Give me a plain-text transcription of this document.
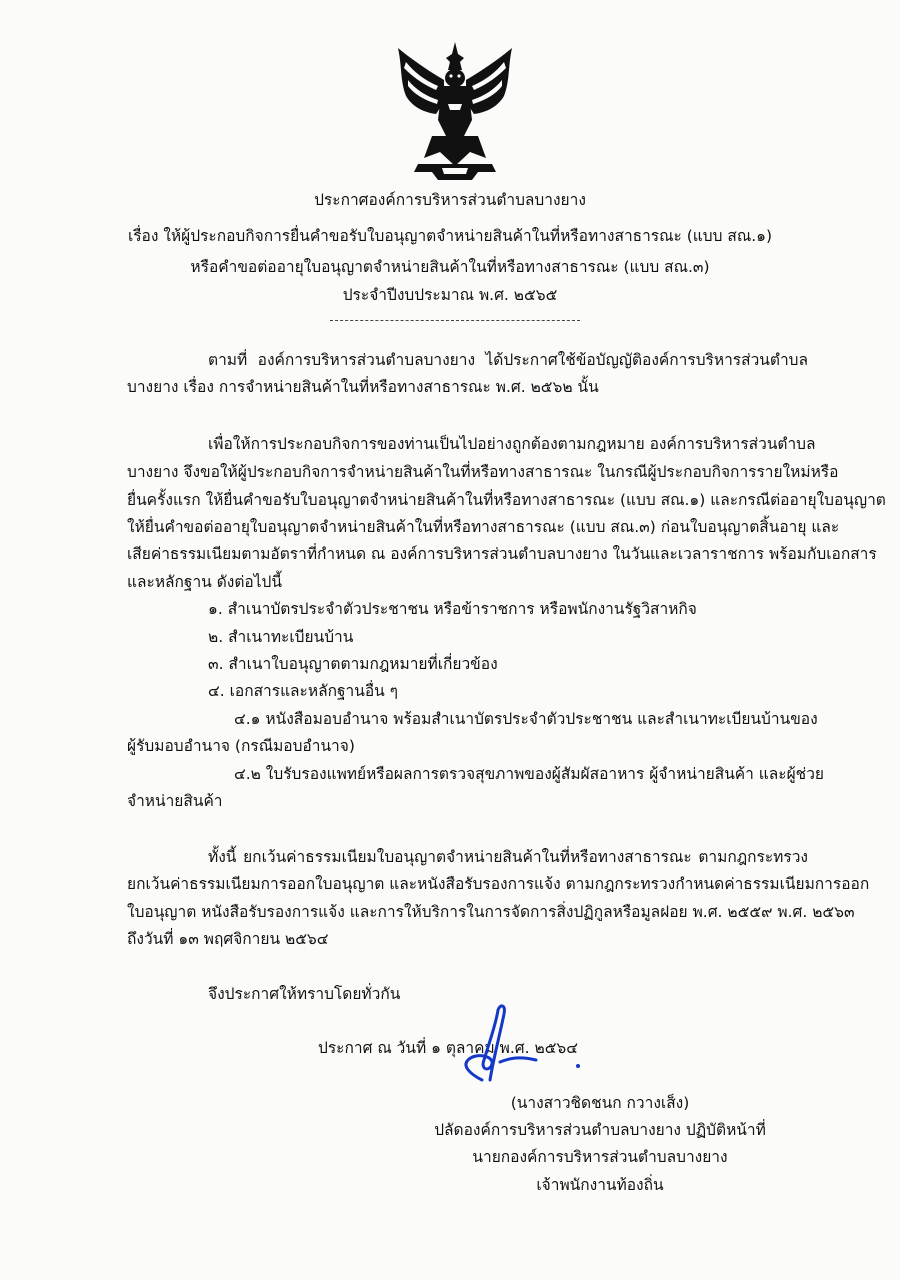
ประกาศองค์การบริหารส่วนตำบลบางยาง
เรื่อง ให้ผู้ประกอบกิจการยื่นคำขอรับใบอนุญาตจำหน่ายสินค้าในที่หรือทางสาธารณะ (แบบ สณ.๑)
หรือคำขอต่ออายุใบอนุญาตจำหน่ายสินค้าในที่หรือทางสาธารณะ (แบบ สณ.๓)
ประจำปีงบประมาณ พ.ศ. ๒๕๖๕
ตามที่ องค์การบริหารส่วนตำบลบางยาง ได้ประกาศใช้ข้อบัญญัติองค์การบริหารส่วนตำบล
บางยาง เรื่อง การจำหน่ายสินค้าในที่หรือทางสาธารณะ พ.ศ. ๒๕๖๒ นั้น
เพื่อให้การประกอบกิจการของท่านเป็นไปอย่างถูกต้องตามกฎหมาย องค์การบริหารส่วนตำบล
บางยาง จึงขอให้ผู้ประกอบกิจการจำหน่ายสินค้าในที่หรือทางสาธารณะ ในกรณีผู้ประกอบกิจการรายใหม่หรือ
ยื่นครั้งแรก ให้ยื่นคำขอรับใบอนุญาตจำหน่ายสินค้าในที่หรือทางสาธารณะ (แบบ สณ.๑) และกรณีต่ออายุใบอนุญาต
ให้ยื่นคำขอต่ออายุใบอนุญาตจำหน่ายสินค้าในที่หรือทางสาธารณะ (แบบ สณ.๓) ก่อนใบอนุญาตสิ้นอายุ และ
เสียค่าธรรมเนียมตามอัตราที่กำหนด ณ องค์การบริหารส่วนตำบลบางยาง ในวันและเวลาราชการ พร้อมกับเอกสาร
และหลักฐาน ดังต่อไปนี้
๑. สำเนาบัตรประจำตัวประชาชน หรือข้าราชการ หรือพนักงานรัฐวิสาหกิจ
๒. สำเนาทะเบียนบ้าน
๓. สำเนาใบอนุญาตตามกฎหมายที่เกี่ยวข้อง
๔. เอกสารและหลักฐานอื่น ๆ
๔.๑ หนังสือมอบอำนาจ พร้อมสำเนาบัตรประจำตัวประชาชน และสำเนาทะเบียนบ้านของ
ผู้รับมอบอำนาจ (กรณีมอบอำนาจ)
๔.๒ ใบรับรองแพทย์หรือผลการตรวจสุขภาพของผู้สัมผัสอาหาร ผู้จำหน่ายสินค้า และผู้ช่วย
จำหน่ายสินค้า
ทั้งนี้ ยกเว้นค่าธรรมเนียมใบอนุญาตจำหน่ายสินค้าในที่หรือทางสาธารณะ ตามกฎกระทรวง
ยกเว้นค่าธรรมเนียมการออกใบอนุญาต และหนังสือรับรองการแจ้ง ตามกฎกระทรวงกำหนดค่าธรรมเนียมการออก
ใบอนุญาต หนังสือรับรองการแจ้ง และการให้บริการในการจัดการสิ่งปฏิกูลหรือมูลฝอย พ.ศ. ๒๕๕๙ พ.ศ. ๒๕๖๓
ถึงวันที่ ๑๓ พฤศจิกายน ๒๕๖๔
จึงประกาศให้ทราบโดยทั่วกัน
ประกาศ ณ วันที่ ๑ ตุลาคม พ.ศ. ๒๕๖๔
(นางสาวชิดชนก กวางเส็ง)
ปลัดองค์การบริหารส่วนตำบลบางยาง ปฏิบัติหน้าที่
นายกองค์การบริหารส่วนตำบลบางยาง
เจ้าพนักงานท้องถิ่น
